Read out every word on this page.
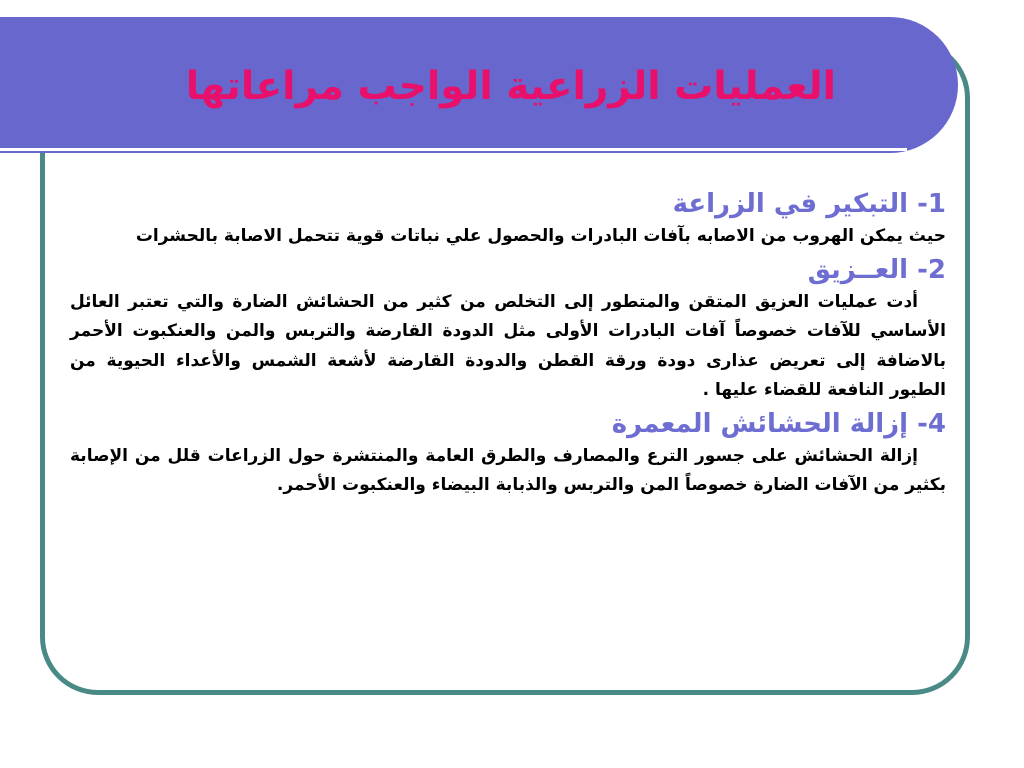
العمليات الزراعية الواجب مراعاتها
1- التبكير في الزراعة

حيث يمكن الهروب من الاصابه بآفات البادرات والحصول علي نباتات قوية تتحمل الاصابة بالحشرات

2- العــزيق

أدت عمليات العزيق المتقن والمتطور إلى التخلص من كثير من الحشائش الضارة والتي تعتبر العائل الأساسي للآفات خصوصاً آفات البادرات الأولى مثل الدودة القارضة والتربس والمن والعنكبوت الأحمر بالاضافة إلى تعريض عذارى دودة ورقة القطن والدودة القارضة لأشعة الشمس والأعداء الحيوية من الطيور النافعة للقضاء عليها .

4- إزالة الحشائش المعمرة

إزالة الحشائش على جسور الترع والمصارف والطرق العامة والمنتشرة حول الزراعات قلل من الإصابة بكثير من الآفات الضارة خصوصاً المن والتربس والذبابة البيضاء والعنكبوت الأحمر.
